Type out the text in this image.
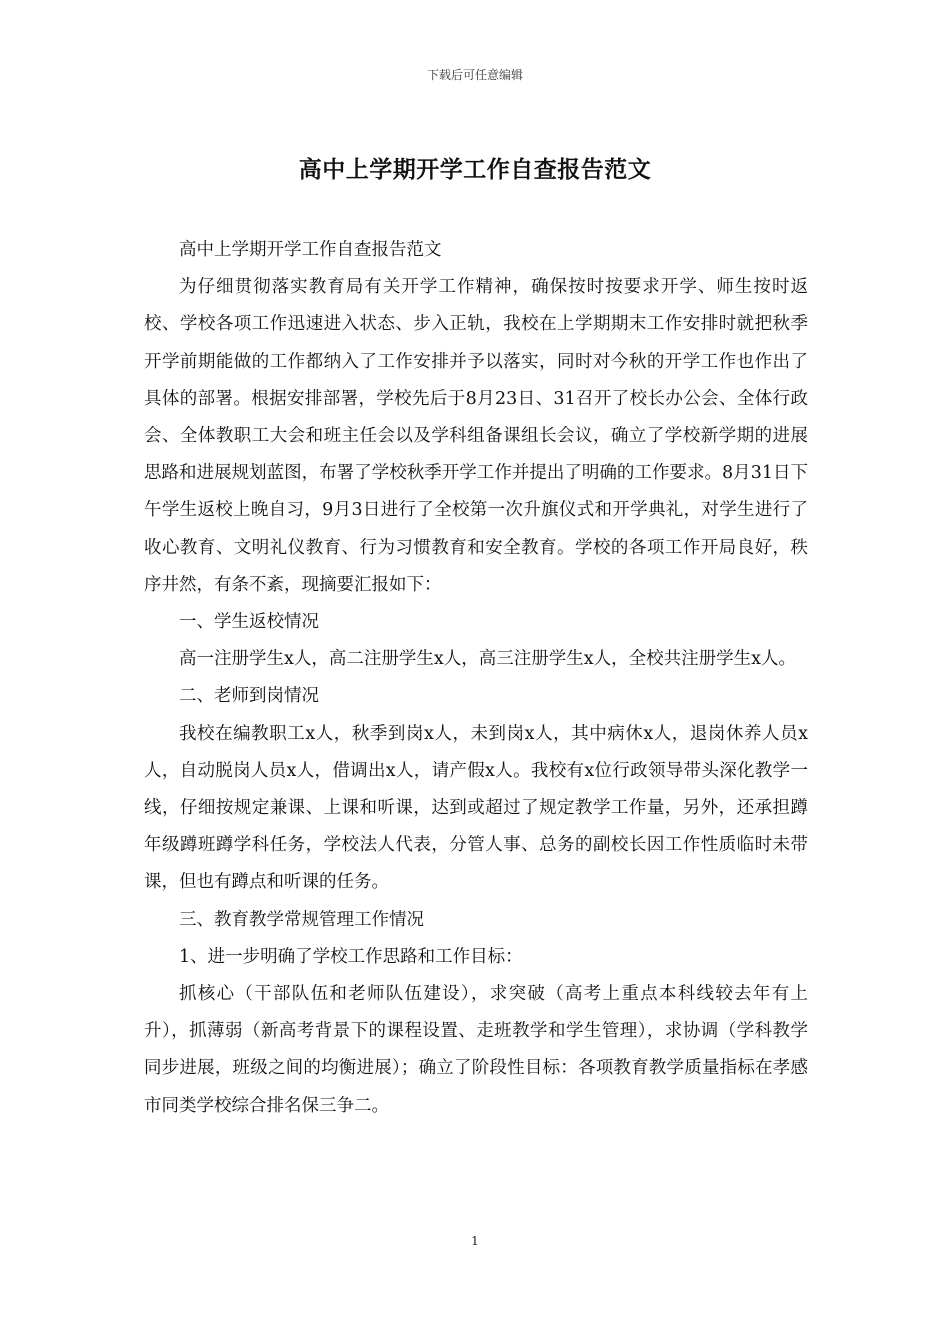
下载后可任意编辑
高中上学期开学工作自查报告范文

高中上学期开学工作自查报告范文

为仔细贯彻落实教育局有关开学工作精神，确保按时按要求开学、师生按时返校、学校各项工作迅速进入状态、步入正轨，我校在上学期期末工作安排时就把秋季开学前期能做的工作都纳入了工作安排并予以落实，同时对今秋的开学工作也作出了具体的部署。根据安排部署，学校先后于8月23日、31召开了校长办公会、全体行政会、全体教职工大会和班主任会以及学科组备课组长会议，确立了学校新学期的进展思路和进展规划蓝图，布署了学校秋季开学工作并提出了明确的工作要求。8月31日下午学生返校上晚自习，9月3日进行了全校第一次升旗仪式和开学典礼，对学生进行了收心教育、文明礼仪教育、行为习惯教育和安全教育。学校的各项工作开局良好，秩序井然，有条不紊，现摘要汇报如下：

一、学生返校情况

高一注册学生x人，高二注册学生x人，高三注册学生x人，全校共注册学生x人。

二、老师到岗情况

我校在编教职工x人，秋季到岗x人，未到岗x人，其中病休x人，退岗休养人员x人，自动脱岗人员x人，借调出x人，请产假x人。我校有x位行政领导带头深化教学一线，仔细按规定兼课、上课和听课，达到或超过了规定教学工作量，另外，还承担蹲年级蹲班蹲学科任务，学校法人代表，分管人事、总务的副校长因工作性质临时未带课，但也有蹲点和听课的任务。

三、教育教学常规管理工作情况

1、进一步明确了学校工作思路和工作目标：

抓核心（干部队伍和老师队伍建设），求突破（高考上重点本科线较去年有上升），抓薄弱（新高考背景下的课程设置、走班教学和学生管理），求协调（学科教学同步进展，班级之间的均衡进展）；确立了阶段性目标：各项教育教学质量指标在孝感市同类学校综合排名保三争二。

1
